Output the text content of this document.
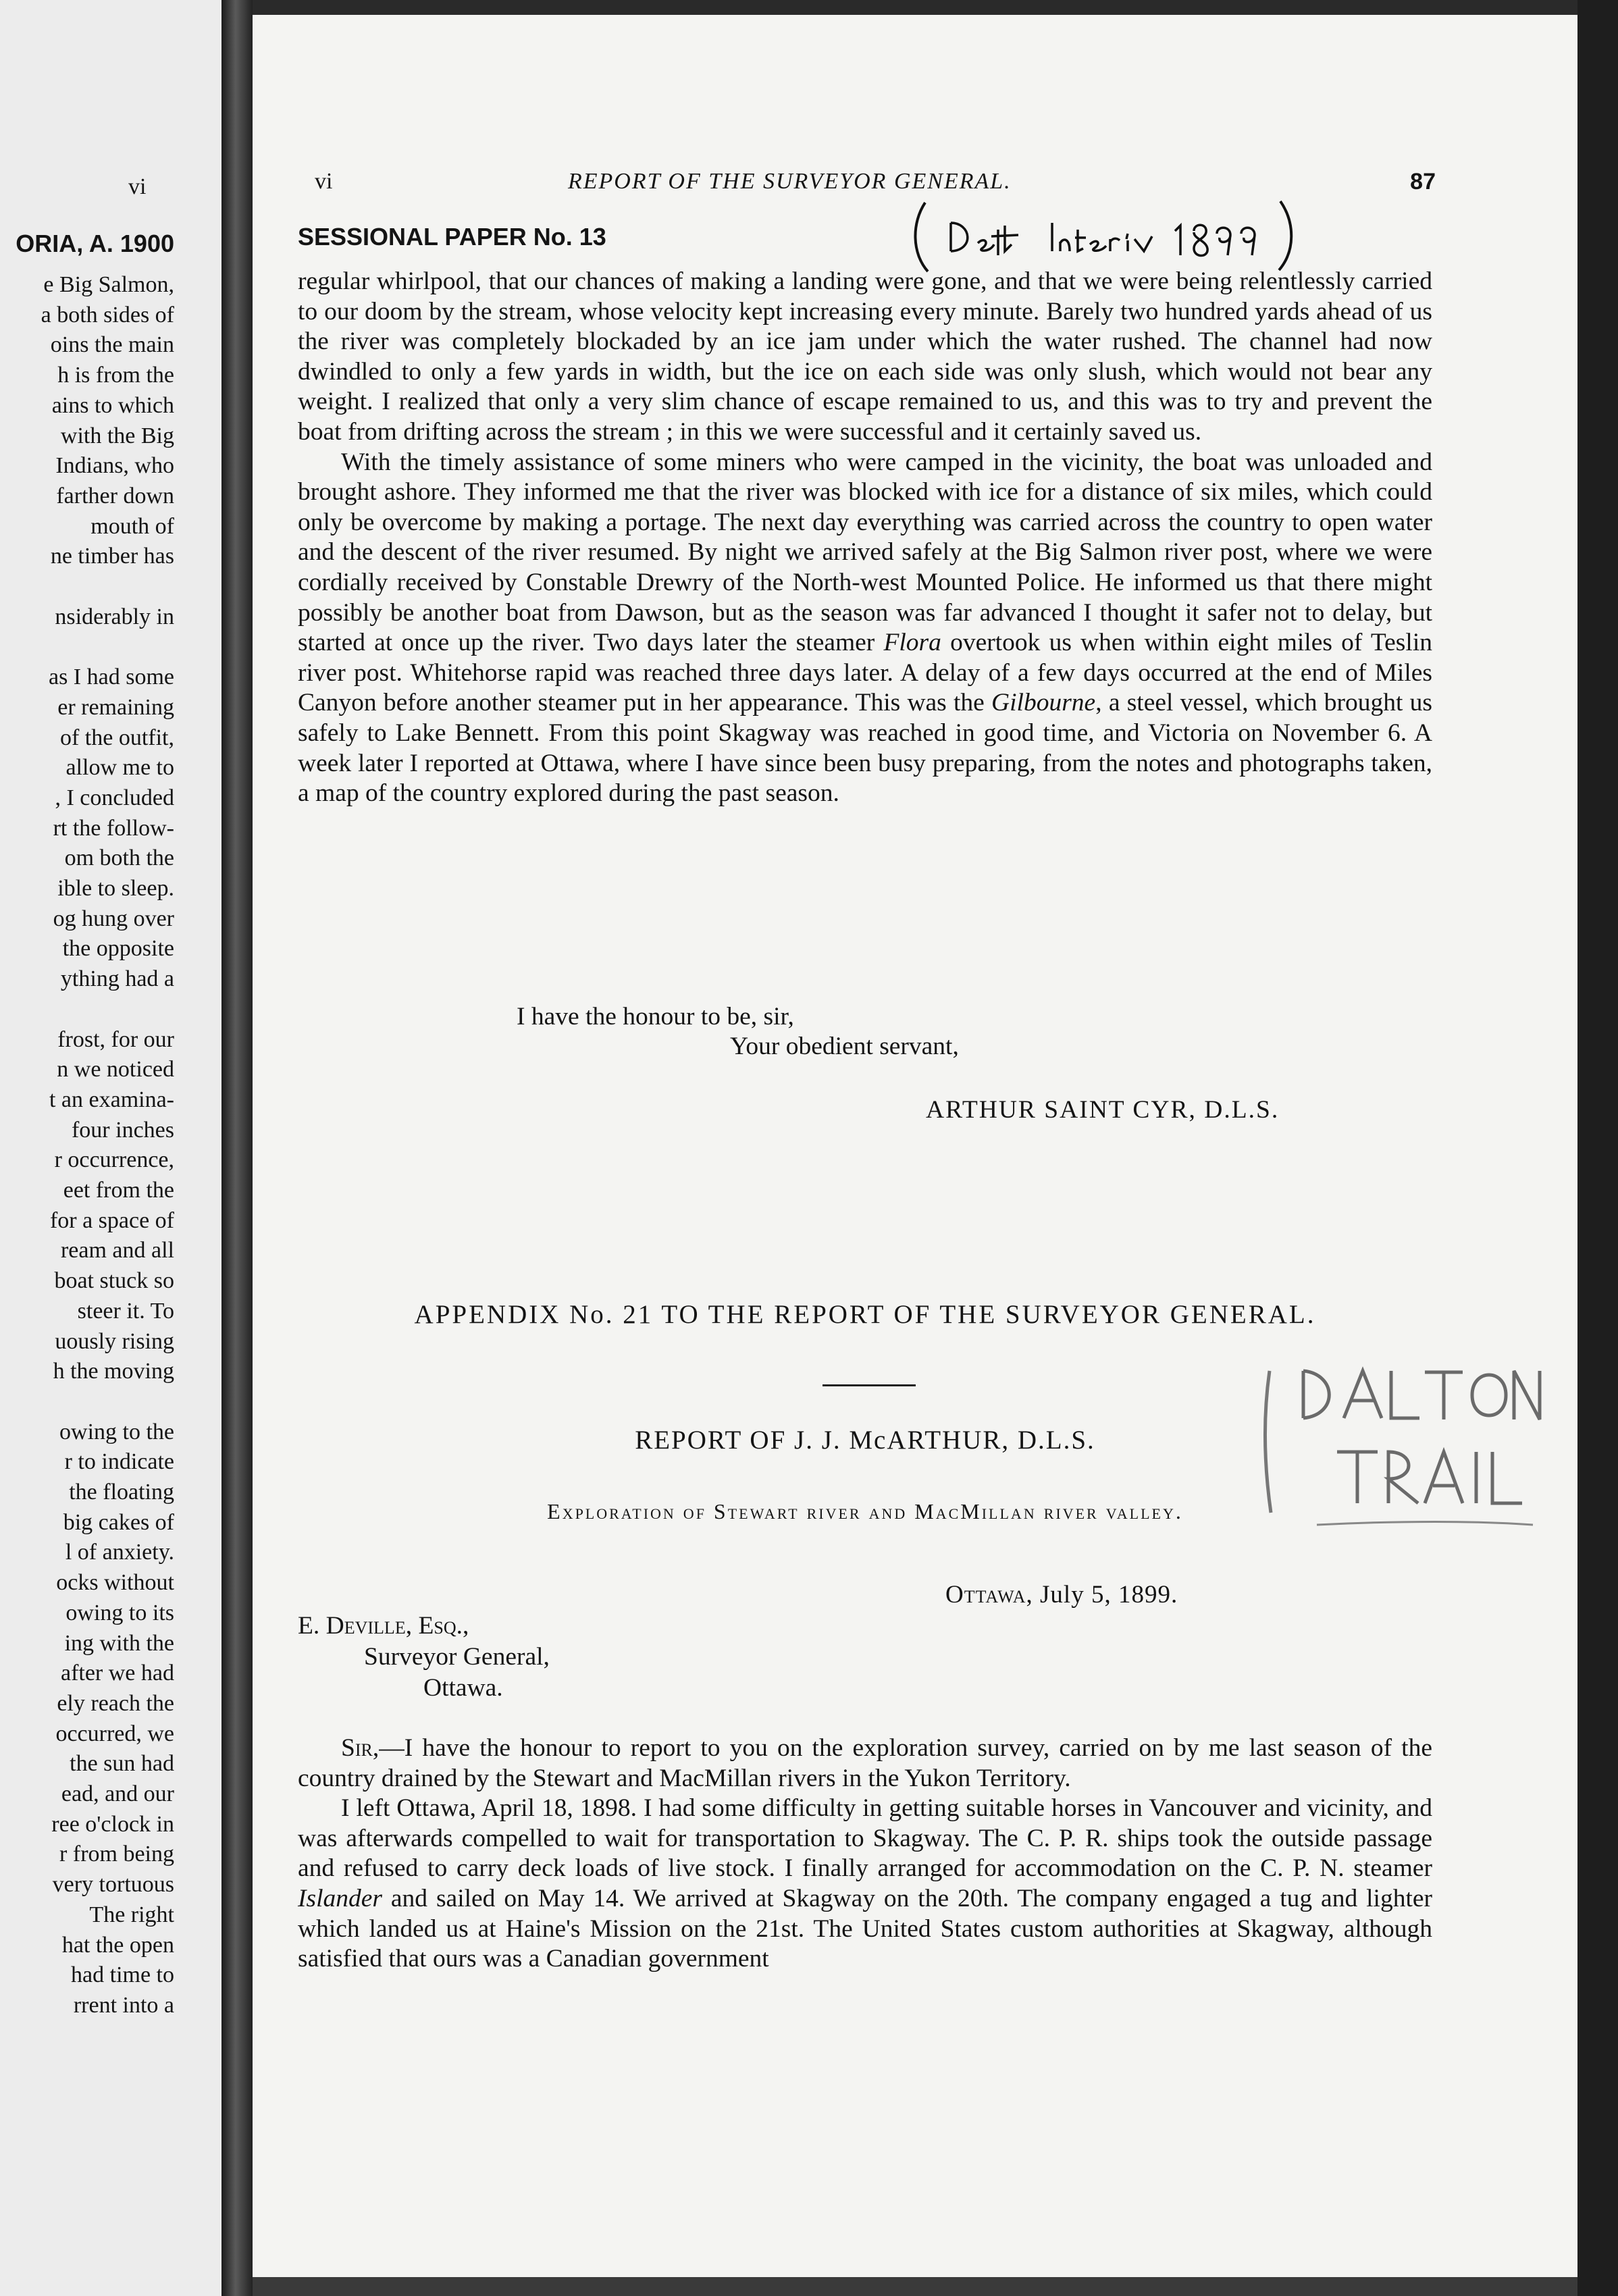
vi
ORIA, A. 1900
e Big Salmon,
a both sides of
oins the main
h is from the
ains to which
with the Big
Indians, who
farther down
mouth of
ne timber has
nsiderably in
as I had some
er remaining
of the outfit,
allow me to
, I concluded
rt the follow-
om both the
ible to sleep.
og hung over
the opposite
ything had a
frost, for our
n we noticed
t an examina-
four inches
r occurrence,
eet from the
for a space of
ream and all
boat stuck so
steer it. To
uously rising
h the moving
owing to the
r to indicate
the floating
big cakes of
l of anxiety.
ocks without
owing to its
ing with the
after we had
ely reach the
occurred, we
the sun had
ead, and our
ree o'clock in
r from being
very tortuous
The right
hat the open
had time to
rrent into a
vi	REPORT OF THE SURVEYOR GENERAL.	87
SESSIONAL PAPER No. 13

regular whirlpool, that our chances of making a landing were gone, and that we were being relentlessly carried to our doom by the stream, whose velocity kept increasing every minute. Barely two hundred yards ahead of us the river was completely blockaded by an ice jam under which the water rushed. The channel had now dwindled to only a few yards in width, but the ice on each side was only slush, which would not bear any weight. I realized that only a very slim chance of escape remained to us, and this was to try and prevent the boat from drifting across the stream ; in this we were successful and it certainly saved us.

With the timely assistance of some miners who were camped in the vicinity, the boat was unloaded and brought ashore. They informed me that the river was blocked with ice for a distance of six miles, which could only be overcome by making a portage. The next day everything was carried across the country to open water and the descent of the river resumed. By night we arrived safely at the Big Salmon river post, where we were cordially received by Constable Drewry of the North-west Mounted Police. He informed us that there might possibly be another boat from Dawson, but as the season was far advanced I thought it safer not to delay, but started at once up the river. Two days later the steamer Flora overtook us when within eight miles of Teslin river post. Whitehorse rapid was reached three days later. A delay of a few days occurred at the end of Miles Canyon before another steamer put in her appearance. This was the Gilbourne, a steel vessel, which brought us safely to Lake Bennett. From this point Skagway was reached in good time, and Victoria on November 6. A week later I reported at Ottawa, where I have since been busy preparing, from the notes and photographs taken, a map of the country explored during the past season.

I have the honour to be, sir,
Your obedient servant,
ARTHUR SAINT CYR, D.L.S.
APPENDIX No. 21 TO THE REPORT OF THE SURVEYOR GENERAL.
REPORT OF J. J. McARTHUR, D.L.S.
Exploration of Stewart river and MacMillan river valley.
Ottawa, July 5, 1899.
E. Deville, Esq.,
Surveyor General,
Ottawa.

Sir,—I have the honour to report to you on the exploration survey, carried on by me last season of the country drained by the Stewart and MacMillan rivers in the Yukon Territory.

I left Ottawa, April 18, 1898. I had some difficulty in getting suitable horses in Vancouver and vicinity, and was afterwards compelled to wait for transportation to Skagway. The C. P. R. ships took the outside passage and refused to carry deck loads of live stock. I finally arranged for accommodation on the C. P. N. steamer Islander and sailed on May 14. We arrived at Skagway on the 20th. The company engaged a tug and lighter which landed us at Haine's Mission on the 21st. The United States custom authorities at Skagway, although satisfied that ours was a Canadian government
